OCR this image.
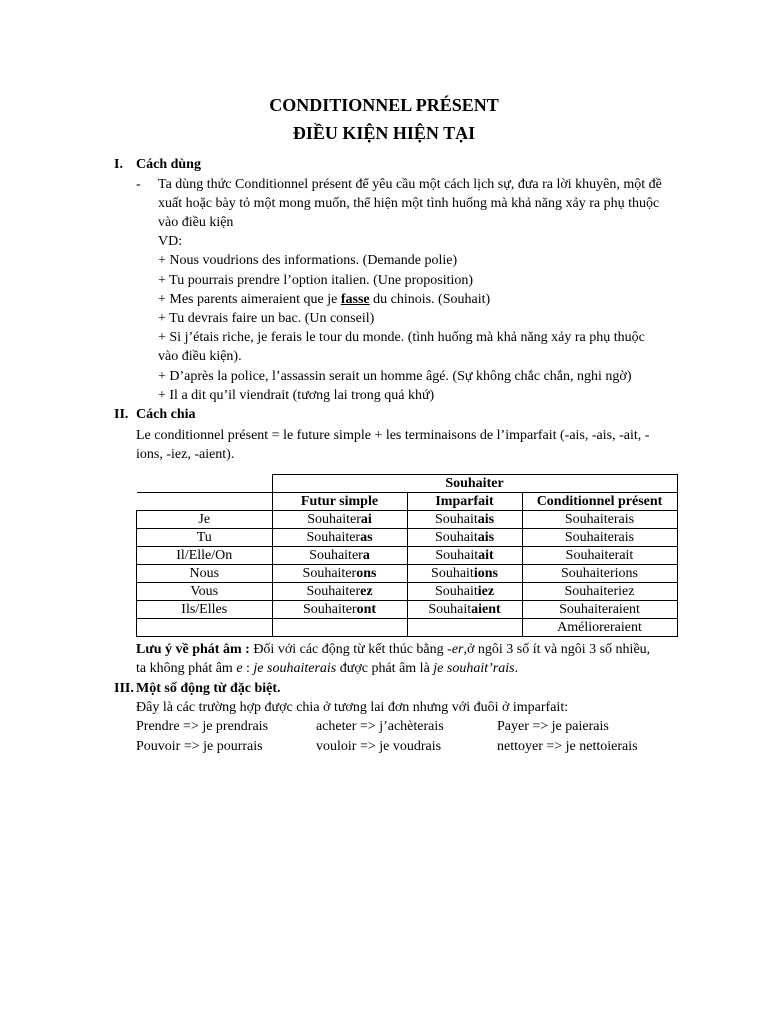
CONDITIONNEL PRÉSENT
ĐIỀU KIỆN HIỆN TẠI
I. Cách dùng
- Ta dùng thức Conditionnel présent để yêu cầu một cách lịch sự, đưa ra lời khuyên, một đề xuất hoặc bày tỏ một mong muốn, thể hiện một tình huống mà khả năng xảy ra phụ thuộc vào điều kiện
VD:
+ Nous voudrions des informations. (Demande polie)
+ Tu pourrais prendre l’option italien. (Une proposition)
+ Mes parents aimeraient que je fasse du chinois. (Souhait)
+ Tu devrais faire un bac. (Un conseil)
+ Si j’étais riche, je ferais le tour du monde. (tình huống mà khả năng xảy ra phụ thuộc vào điều kiện).
+ D’après la police, l’assassin serait un homme âgé. (Sự không chắc chắn, nghi ngờ)
+ Il a dit qu’il viendrait (tương lai trong quá khứ)
II. Cách chia
Le conditionnel présent = le future simple + les terminaisons de l’imparfait (-ais, -ais, -ait, -ions, -iez, -aient).
	Souhaiter		
	Futur simple	Imparfait	Conditionnel présent
Je	Souhaiterai	Souhaitais	Souhaiterais
Tu	Souhaiteras	Souhaitais	Souhaiterais
Il/Elle/On	Souhaitera	Souhaitait	Souhaiterait
Nous	Souhaiterons	Souhaitions	Souhaiterions
Vous	Souhaiterez	Souhaitiez	Souhaiteriez
Ils/Elles	Souhaiteront	Souhaitaient	Souhaiteraient
			Amélioreraient
Lưu ý về phát âm : Đối với các động từ kết thúc bằng -er,ở ngôi 3 số ít và ngôi 3 số nhiều, ta không phát âm e : je souhaiterais được phát âm là je souhait’rais.
III. Một số động từ đặc biệt.
Đây là các trường hợp được chia ở tương lai đơn nhưng với đuôi ở imparfait:
Prendre => je prendrais	acheter => j’achèterais	Payer => je paierais
Pouvoir => je pourrais	vouloir => je voudrais	nettoyer => je nettoierais
